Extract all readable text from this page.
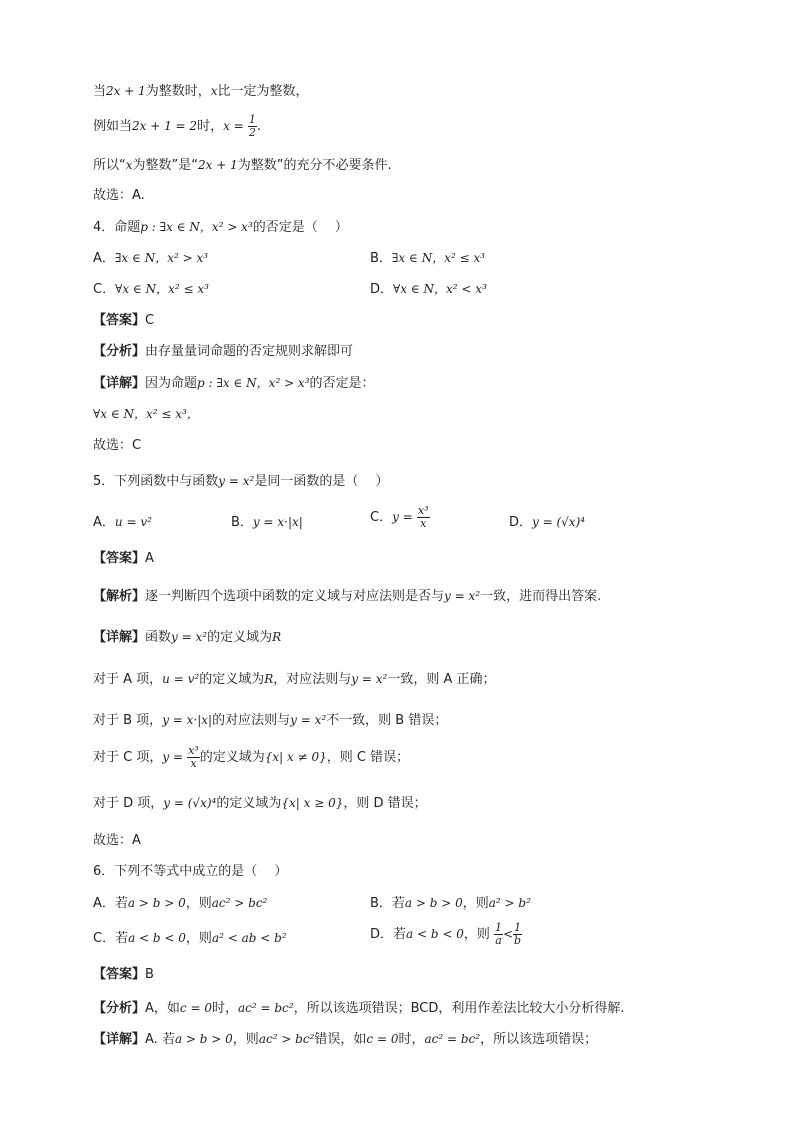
当2x + 1为整数时，x比一定为整数，
例如当2x + 1 = 2时，$x = \frac{1}{2}$ .
所以“x为整数”是“2x + 1为整数”的充分不必要条件.
故选：A.
4．命题p : ∃x ∈ N，x² > x³的否定是（　 ）
A．∃x ∈ N，x² > x³	B．∃x ∈ N，x² ≤ x³
C．∀x ∈ N，x² ≤ x³	D．∀x ∈ N，x² < x³
【答案】C
【分析】由存量量词命题的否定规则求解即可
【详解】因为命题p : ∃x ∈ N，x² > x³的否定是：
∀x ∈ N，x² ≤ x³，
故选：C
5．下列函数中与函数y = x²是同一函数的是（　 ）
A．u = v²	B．y = x·|x|	C．$y = \frac{\text{x³}}{x}$	D．y = (√x)⁴
【答案】A
【解析】逐一判断四个选项中函数的定义域与对应法则是否与y = x²一致，进而得出答案.
【详解】函数y = x²的定义域为R
对于 A 项，u = v²的定义域为R，对应法则与y = x²一致，则 A 正确；
对于 B 项，y = x·|x|的对应法则与y = x²不一致，则 B 错误；
对于 C 项，$y = \frac{\text{x³}}{x}$ 的定义域为{x| x ≠ 0}，则 C 错误；
对于 D 项，y = (√x)⁴的定义域为{x| x ≥ 0}，则 D 错误；
故选：A
6．下列不等式中成立的是（　 ）
A．若a > b > 0，则ac² > bc²	B．若a > b > 0，则a² > b²
C．若a < b < 0，则a² < ab < b²	D．若a < b < 0，则 $\frac{1}{a} < \frac{1}{b}$
【答案】B
【分析】A，如c = 0时，ac² = bc²，所以该选项错误；BCD，利用作差法比较大小分析得解.
【详解】A. 若a > b > 0，则ac² > bc²错误，如c = 0时，ac² = bc²，所以该选项错误；
